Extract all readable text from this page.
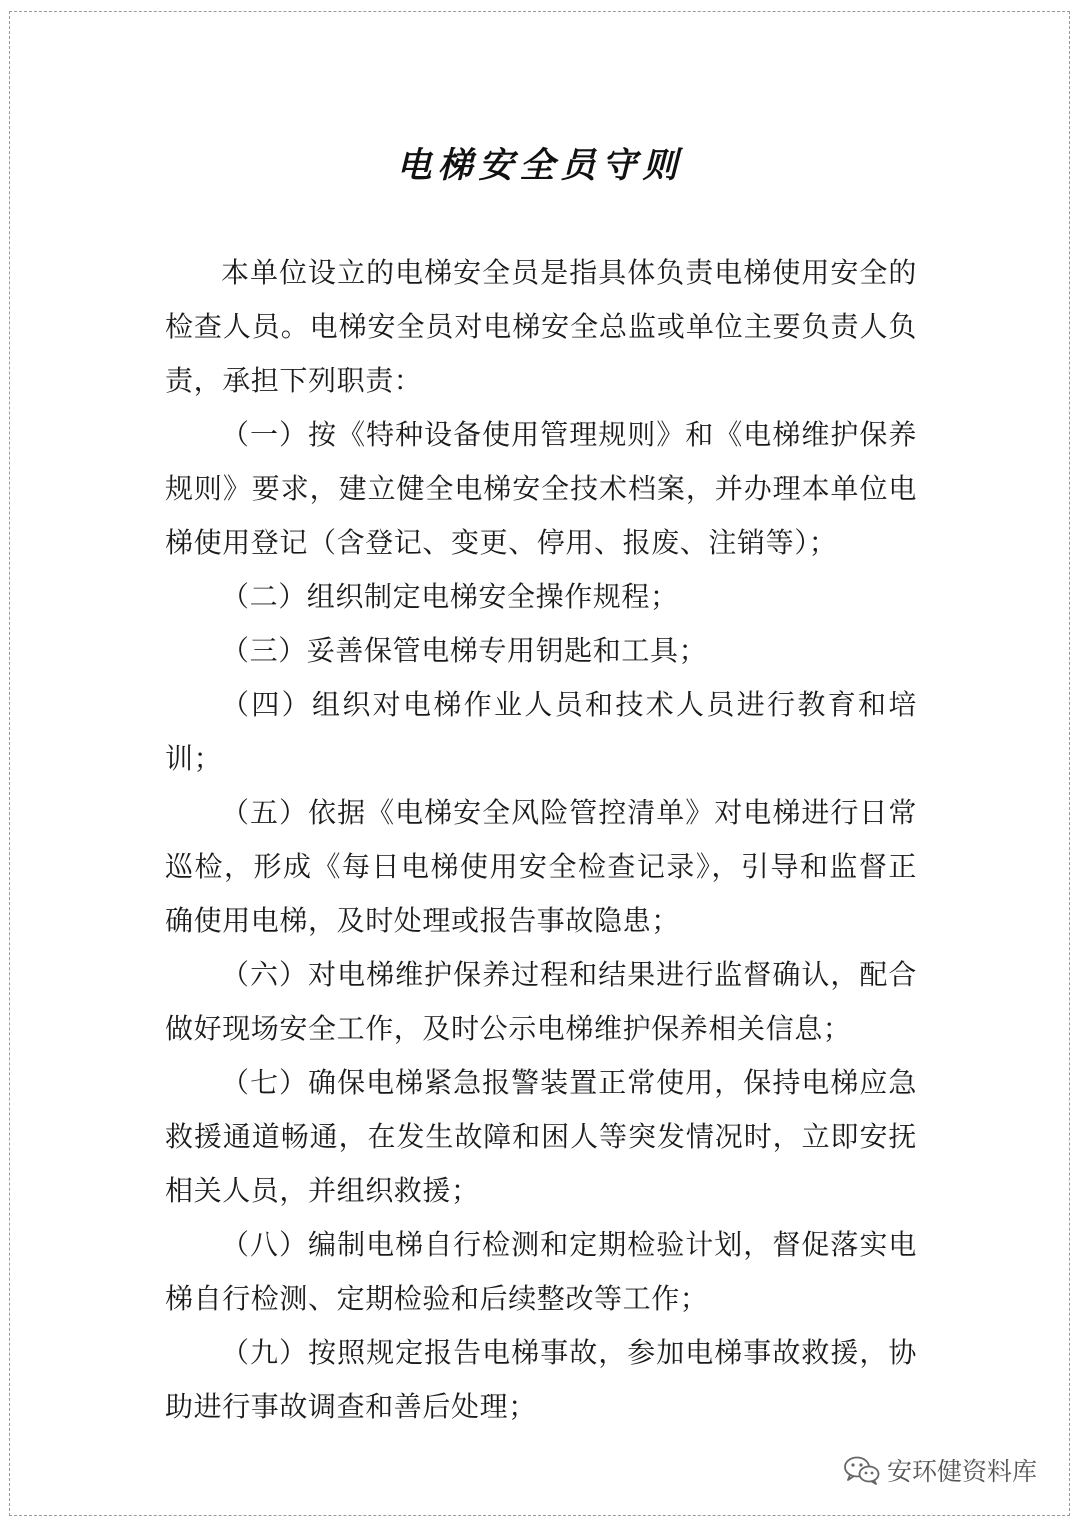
电梯安全员守则

本单位设立的电梯安全员是指具体负责电梯使用安全的检查人员。电梯安全员对电梯安全总监或单位主要负责人负责，承担下列职责：

（一）按《特种设备使用管理规则》和《电梯维护保养规则》要求，建立健全电梯安全技术档案，并办理本单位电梯使用登记（含登记、变更、停用、报废、注销等）；

（二）组织制定电梯安全操作规程；

（三）妥善保管电梯专用钥匙和工具；

（四）组织对电梯作业人员和技术人员进行教育和培训；

（五）依据《电梯安全风险管控清单》对电梯进行日常巡检，形成《每日电梯使用安全检查记录》，引导和监督正确使用电梯，及时处理或报告事故隐患；

（六）对电梯维护保养过程和结果进行监督确认，配合做好现场安全工作，及时公示电梯维护保养相关信息；

（七）确保电梯紧急报警装置正常使用，保持电梯应急救援通道畅通，在发生故障和困人等突发情况时，立即安抚相关人员，并组织救援；

（八）编制电梯自行检测和定期检验计划，督促落实电梯自行检测、定期检验和后续整改等工作；

（九）按照规定报告电梯事故，参加电梯事故救援，协助进行事故调查和善后处理；

安环健资料库
